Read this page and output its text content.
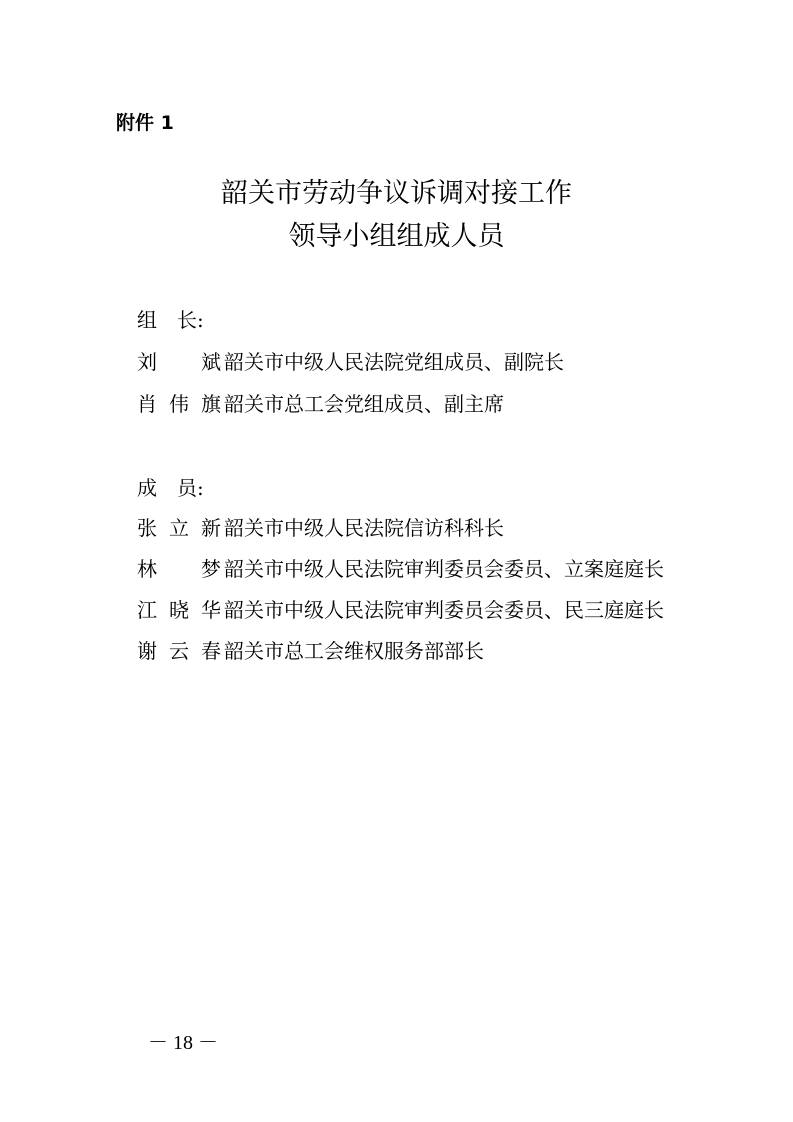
附件 1
韶关市劳动争议诉调对接工作
领导小组组成人员
组 长:
刘 斌 韶关市中级人民法院党组成员、副院长
肖伟旗 韶关市总工会党组成员、副主席
成 员:
张立新 韶关市中级人民法院信访科科长
林 梦 韶关市中级人民法院审判委员会委员、立案庭庭长
江晓华 韶关市中级人民法院审判委员会委员、民三庭庭长
谢云春 韶关市总工会维权服务部部长
－ 18 －
